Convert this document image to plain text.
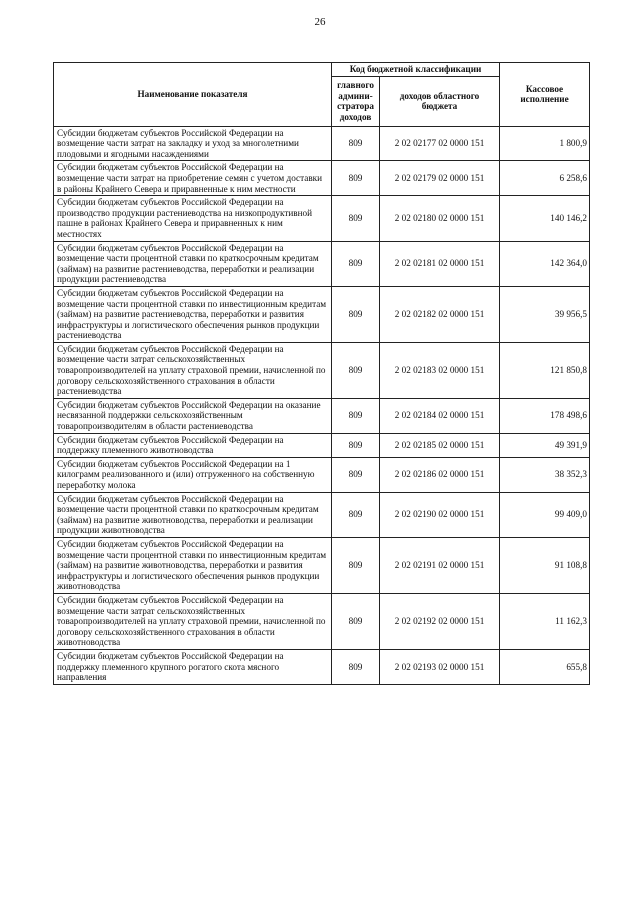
26
Наименование показателя	Код бюджетной классификации		Кассовое исполнение
	главного админи-стратора доходов	доходов областного бюджета	
Субсидии бюджетам субъектов Российской Федерации на возмещение части затрат на закладку и уход за многолетними плодовыми и ягодными насаждениями	809	2 02 02177 02 0000 151	1 800,9
Субсидии бюджетам субъектов Российской Федерации на возмещение части затрат на приобретение семян с учетом доставки в районы Крайнего Севера и приравненные к ним местности	809	2 02 02179 02 0000 151	6 258,6
Субсидии бюджетам субъектов Российской Федерации на производство продукции растениеводства на низкопродуктивной пашне в районах Крайнего Севера и приравненных к ним местностях	809	2 02 02180 02 0000 151	140 146,2
Субсидии бюджетам субъектов Российской Федерации на возмещение части процентной ставки по краткосрочным кредитам (займам) на развитие растениеводства, переработки и реализации продукции растениеводства	809	2 02 02181 02 0000 151	142 364,0
Субсидии бюджетам субъектов Российской Федерации на возмещение части процентной ставки по инвестиционным кредитам (займам) на развитие растениеводства, переработки и развития инфраструктуры и логистического обеспечения рынков продукции растениеводства	809	2 02 02182 02 0000 151	39 956,5
Субсидии бюджетам субъектов Российской Федерации на возмещение части затрат сельскохозяйственных товаропроизводителей на уплату страховой премии, начисленной по договору сельскохозяйственного страхования в области растениеводства	809	2 02 02183 02 0000 151	121 850,8
Субсидии бюджетам субъектов Российской Федерации на оказание несвязанной поддержки сельскохозяйственным товаропроизводителям в области растениеводства	809	2 02 02184 02 0000 151	178 498,6
Субсидии бюджетам субъектов Российской Федерации на поддержку племенного животноводства	809	2 02 02185 02 0000 151	49 391,9
Субсидии бюджетам субъектов Российской Федерации на 1 килограмм реализованного и (или) отгруженного на собственную переработку молока	809	2 02 02186 02 0000 151	38 352,3
Субсидии бюджетам субъектов Российской Федерации на возмещение части процентной ставки по краткосрочным кредитам (займам) на развитие животноводства, переработки и реализации продукции животноводства	809	2 02 02190 02 0000 151	99 409,0
Субсидии бюджетам субъектов Российской Федерации на возмещение части процентной ставки по инвестиционным кредитам (займам) на развитие животноводства, переработки и развития инфраструктуры и логистического обеспечения рынков продукции животноводства	809	2 02 02191 02 0000 151	91 108,8
Субсидии бюджетам субъектов Российской Федерации на возмещение части затрат сельскохозяйственных товаропроизводителей на уплату страховой премии, начисленной по договору сельскохозяйственного страхования в области животноводства	809	2 02 02192 02 0000 151	11 162,3
Субсидии бюджетам субъектов Российской Федерации на поддержку племенного крупного рогатого скота мясного направления	809	2 02 02193 02 0000 151	655,8
